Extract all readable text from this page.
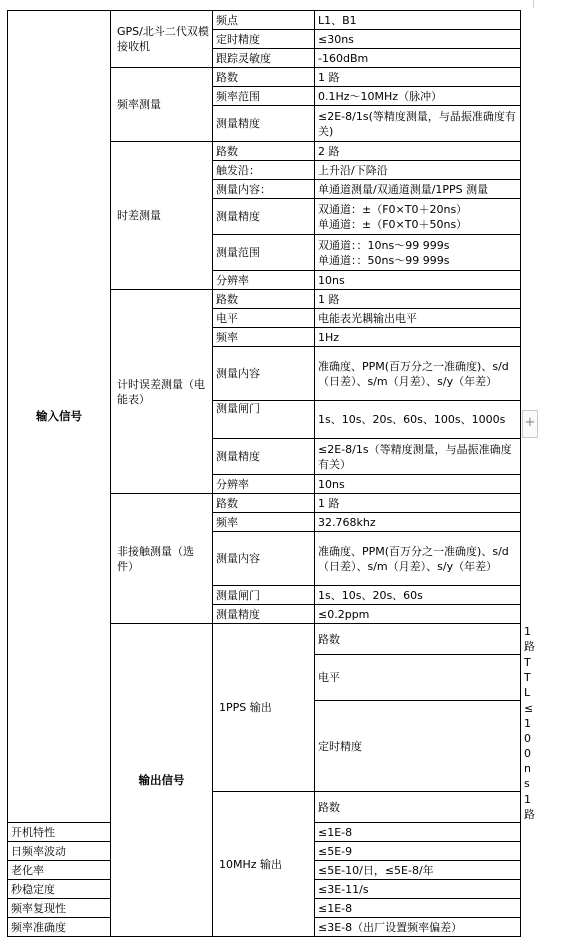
输入信号	GPS/北斗二代双模接收机	频点	L1、B1	
		定时精度	≤30ns	
		跟踪灵敏度	-160dBm	
	频率测量	路数	1 路	
		频率范围	0.1Hz～10MHz（脉冲）	
		测量精度	≤2E-8/1s(等精度测量，与晶振准确度有关)	
	时差测量	路数	2 路	
		触发沿：	上升沿/下降沿	
		测量内容：	单通道测量/双通道测量/1PPS 测量	
		测量精度	双通道：±（F0×T0＋20ns）
单通道：±（F0×T0＋50ns）	

		测量范围	双通道：：10ns～99 999s
单通道：：50ns～99 999s	

		分辨率	10ns	
	计时误差测量（电能表）	路数	1 路	
		电平	电能表光耦输出电平	
		频率	1Hz	
		测量内容	准确度、PPM(百万分之一准确度)、s/d（日差）、s/m（月差）、s/y（年差）	
		测量闸门	1s、10s、20s、60s、100s、1000s	
		测量精度	≤2E-8/1s（等精度测量，与晶振准确度有关）	
		分辨率	10ns	
	非接触测量（选件）	路数	1 路	
		频率	32.768khz	
		测量内容	准确度、PPM(百万分之一准确度)、s/d（日差）、s/m（月差）、s/y（年差）	
		测量闸门	1s、10s、20s、60s	
		测量精度	≤0.2ppm	
	输出信号	1PPS 输出	路数	1 路
			电平	TTL
			定时精度	≤100ns
		10MHz 输出	路数	1 路
开机特性			≤1E-8	
日频率波动			≤5E-9	
老化率			≤5E-10/日，≤5E-8/年	
秒稳定度			≤3E-11/s	
频率复现性			≤1E-8	
频率准确度			≤3E-8（出厂设置频率偏差）	
+
